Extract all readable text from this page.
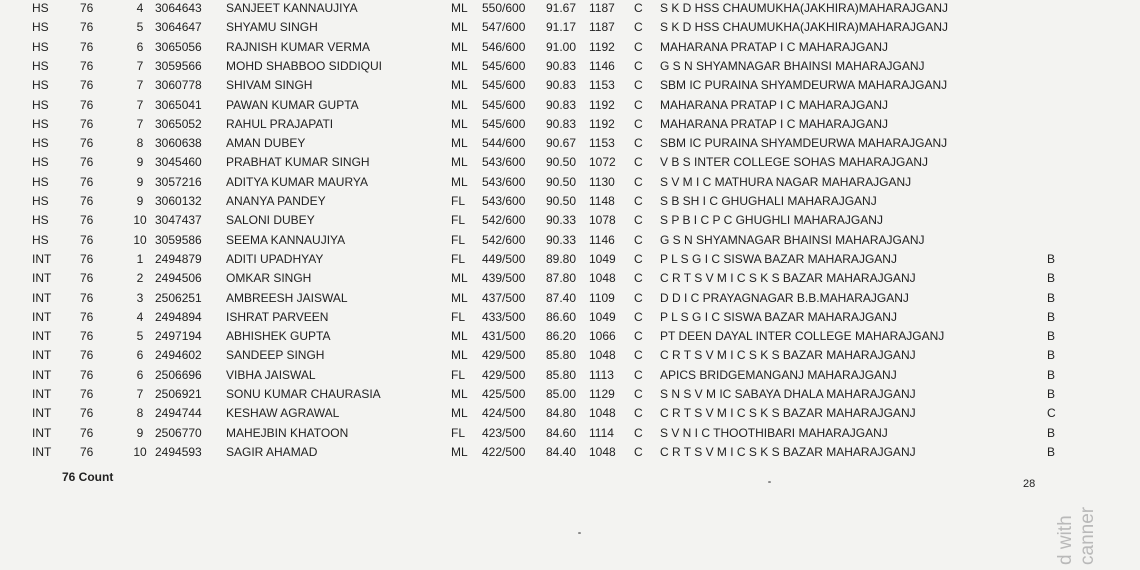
HS	76	4 3064643 SANJEET KANNAUJIYA	ML 550/600 91.67 1187 C S K D HSS CHAUMUKHA(JAKHIRA)MAHARAJGANJ
HS	76	5 3064647 SHYAMU SINGH	ML 547/600 91.17 1187 C S K D HSS CHAUMUKHA(JAKHIRA)MAHARAJGANJ
HS	76	6 3065056 RAJNISH KUMAR VERMA	ML 546/600 91.00 1192 C MAHARANA PRATAP I C MAHARAJGANJ
HS	76	7 3059566 MOHD SHABBOO SIDDIQUI	ML 545/600 90.83 1146 C G S N SHYAMNAGAR BHAINSI MAHARAJGANJ
HS	76	7 3060778 SHIVAM SINGH	ML 545/600 90.83 1153 C SBM IC PURAINA SHYAMDEURWA MAHARAJGANJ
HS	76	7 3065041 PAWAN KUMAR GUPTA	ML 545/600 90.83 1192 C MAHARANA PRATAP I C MAHARAJGANJ
HS	76	7 3065052 RAHUL PRAJAPATI	ML 545/600 90.83 1192 C MAHARANA PRATAP I C MAHARAJGANJ
HS	76	8 3060638 AMAN DUBEY	ML 544/600 90.67 1153 C SBM IC PURAINA SHYAMDEURWA MAHARAJGANJ
HS	76	9 3045460 PRABHAT KUMAR SINGH	ML 543/600 90.50 1072 C V B S INTER COLLEGE SOHAS MAHARAJGANJ
HS	76	9 3057216 ADITYA KUMAR MAURYA	ML 543/600 90.50 1130 C S V M I C MATHURA NAGAR MAHARAJGANJ
HS	76	9 3060132 ANANYA PANDEY	FL 543/600 90.50 1148 C S B SH I C GHUGHALI MAHARAJGANJ
HS	76	10 3047437 SALONI DUBEY	FL 542/600 90.33 1078 C S P B I C P C GHUGHLI MAHARAJGANJ
HS	76	10 3059586 SEEMA KANNAUJIYA	FL 542/600 90.33 1146 C G S N SHYAMNAGAR BHAINSI MAHARAJGANJ
INT	76	1 2494879 ADITI UPADHYAY	FL 449/500 89.80 1049 C P L S G I C SISWA BAZAR MAHARAJGANJ	B
INT	76	2 2494506 OMKAR SINGH	ML 439/500 87.80 1048 C C R T S V M I C S K S BAZAR MAHARAJGANJ	B
INT	76	3 2506251 AMBREESH JAISWAL	ML 437/500 87.40 1109 C D D I C PRAYAGNAGAR B.B.MAHARAJGANJ	B
INT	76	4 2494894 ISHRAT PARVEEN	FL 433/500 86.60 1049 C P L S G I C SISWA BAZAR MAHARAJGANJ	B
INT	76	5 2497194 ABHISHEK GUPTA	ML 431/500 86.20 1066 C PT DEEN DAYAL INTER COLLEGE MAHARAJGANJ	B
INT	76	6 2494602 SANDEEP SINGH	ML 429/500 85.80 1048 C C R T S V M I C S K S BAZAR MAHARAJGANJ	B
INT	76	6 2506696 VIBHA JAISWAL	FL 429/500 85.80 1113 C APICS BRIDGEMANGANJ MAHARAJGANJ	B
INT	76	7 2506921 SONU KUMAR CHAURASIA	ML 425/500 85.00 1129 C S N S V M IC SABAYA DHALA MAHARAJGANJ	B
INT	76	8 2494744 KESHAW AGRAWAL	ML 424/500 84.80 1048 C C R T S V M I C S K S BAZAR MAHARAJGANJ	C
INT	76	9 2506770 MAHEJBIN KHATOON	FL 423/500 84.60 1114 C S V N I C THOOTHIBARI MAHARAJGANJ	B
INT	76	10 2494593 SAGIR AHAMAD	ML 422/500 84.40 1048 C C R T S V M I C S K S BAZAR MAHARAJGANJ	B
76 Count	28
d with canner
